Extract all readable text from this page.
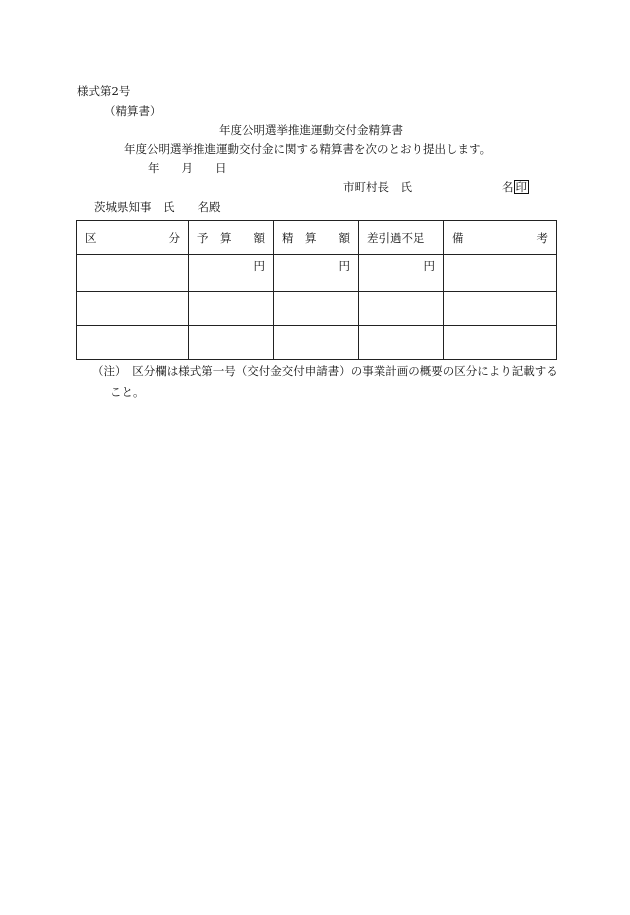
様式第2号
（精算書）
年度公明選挙推進運動交付金精算書
年度公明選挙推進運動交付金に関する精算書を次のとおり提出します。
年 月 日
市町村長　氏	名 印
茨城県知事　氏　　名殿
区 分	予　算 額	精　算 額	差引過不足	備 考

	円	円	円	

（注）　区分欄は様式第一号（交付金交付申請書）の事業計画の概要の区分により記載する
こと。
